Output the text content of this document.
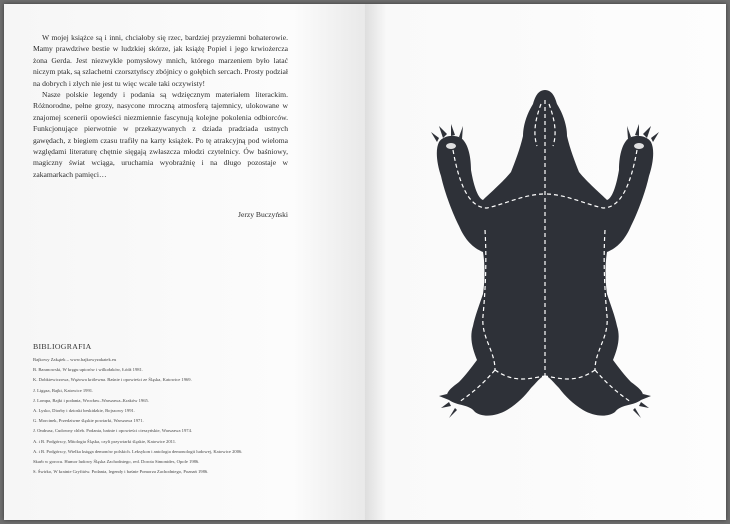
W mojej książce są i inni, chciałoby się rzec, bardziej przyziemni bohaterowie. Mamy prawdziwe bestie w ludzkiej skórze, jak książę Popiel i jego krwiożercza żona Gerda. Jest niezwykle pomysłowy mnich, którego marzeniem było latać niczym ptak, są szlachetni czorsztyńscy zbójnicy o gołębich sercach. Prosty podział na dobrych i złych nie jest tu więc wcale taki oczywisty!

Nasze polskie legendy i podania są wdzięcznym materiałem literackim. Różnorodne, pełne grozy, nasycone mroczną atmosferą tajemnicy, ulokowane w znajomej scenerii opowieści niezmiennie fascynują kolejne pokolenia odbiorców. Funkcjonujące pierwotnie w przekazywanych z dziada pradziada ustnych gawędach, z biegiem czasu trafiły na karty książek. Po tę atrakcyjną pod wieloma względami literaturę chętnie sięgają zwłaszcza młodzi czytelnicy. Ów baśniowy, magiczny świat wciąga, uruchamia wyobraźnię i na długo pozostaje w zakamarkach pamięci…

Jerzy Buczyński
BIBLIOGRAFIA
Bajkowy Zakątek – www.bajkowyzakatek.eu
B. Baranowski, W kręgu upiorów i wilkołaków, Łódź 1981.
K. Dobkiewiczowa, Wężowa królewna. Baśnie i opowieści ze Śląska, Katowice 1969.
J. Ligęza, Bajki, Katowice 1991.
J. Lompa, Bajki i podania, Wrocław–Warszawa–Kraków 1965.
A. Lysko, Diorby i dzioski beskidzkie, Bojszowy 1991.
G. Morcinek, Przedziwne śląskie powiarki, Warszawa 1971.
J. Ondrusz, Cudowny chleb. Podania, baśnie i opowieści cieszyńskie, Warszawa 1974.
A. i B. Podgórscy, Mitologia Śląska, czyli przywiarki śląskie, Katowice 2011.
A. i B. Podgórscy, Wielka księga demonów polskich. Leksykon i antologia demonologii ludowej, Katowice 2006.
Skarb w gorocu. Humor ludowy Śląska Zachodniego, red. Dorota Simonides, Opole 1986.
S. Świrko, W krainie Gryfitów. Podania, legendy i baśnie Pomorza Zachodniego, Poznań 1986.
